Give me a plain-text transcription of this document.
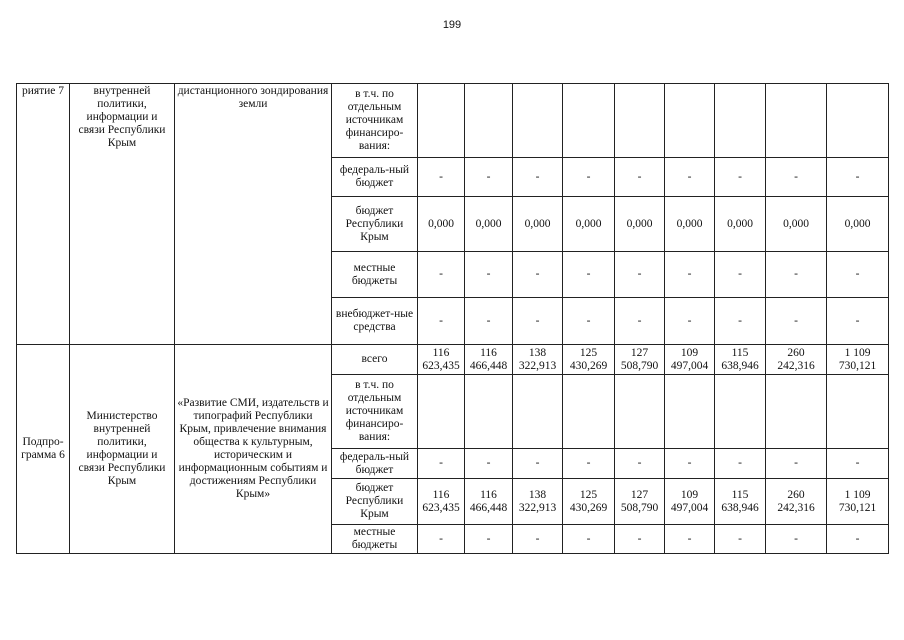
199
риятие 7	внутренней политики, информации и связи Республики Крым	дистанционного зондирования земли	в т.ч. по отдельным источникам финансиро-вания:									
			федераль-ный бюджет	-	-	-	-	-	-	-	-	-
			бюджет Республики Крым	0,000	0,000	0,000	0,000	0,000	0,000	0,000	0,000	0,000
			местные бюджеты	-	-	-	-	-	-	-	-	-
			внебюджет-ные средства	-	-	-	-	-	-	-	-	-
Подпро-грамма 6	Министерство внутренней политики, информации и связи Республики Крым	«Развитие СМИ, издательств и типографий Республики Крым, привлечение внимания общества к культурным, историческим и информационным событиям и достижениям Республики Крым»	всего	116 623,435	116 466,448	138 322,913	125 430,269	127 508,790	109 497,004	115 638,946	260 242,316	1 109 730,121
			в т.ч. по отдельным источникам финансиро-вания:									
			федераль-ный бюджет	-	-	-	-	-	-	-	-	-
			бюджет Республики Крым	116 623,435	116 466,448	138 322,913	125 430,269	127 508,790	109 497,004	115 638,946	260 242,316	1 109 730,121
			местные бюджеты	-	-	-	-	-	-	-	-	-
